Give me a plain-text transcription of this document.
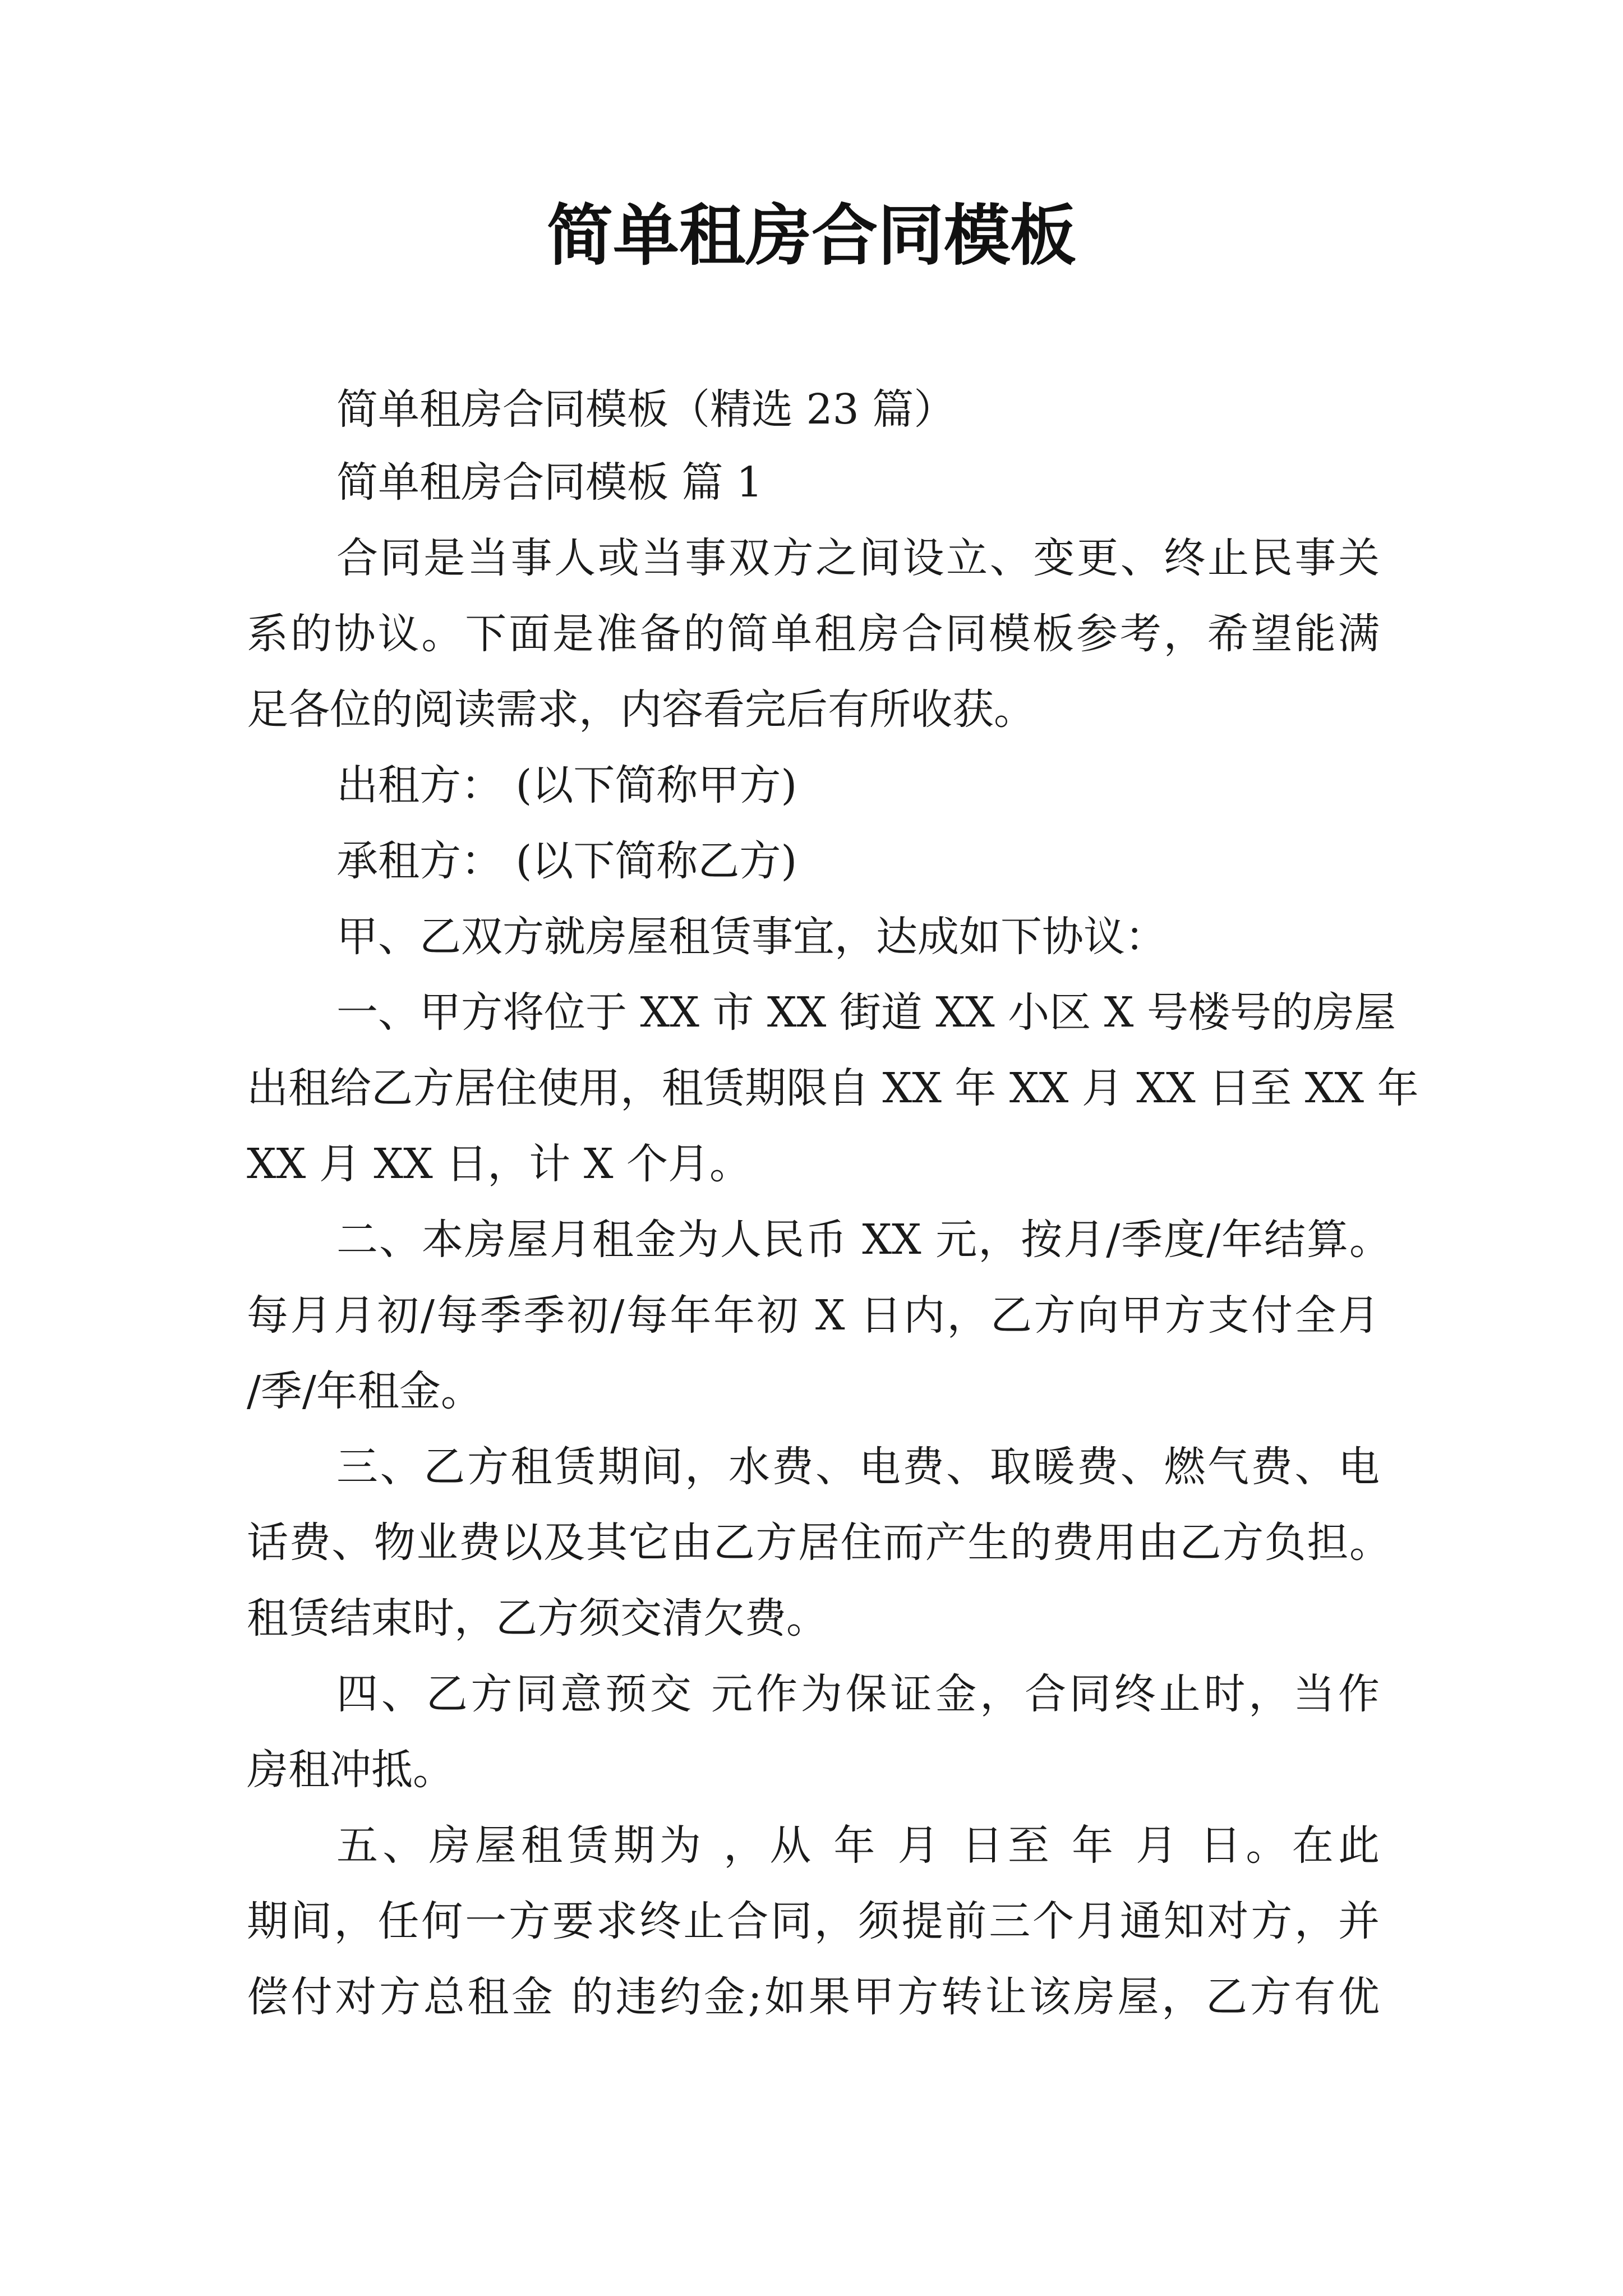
简单租房合同模板
简单租房合同模板（精选 23 篇）
简单租房合同模板 篇 1
合同是当事人或当事双方之间设立、变更、终止民事关
系的协议。下面是准备的简单租房合同模板参考，希望能满
足各位的阅读需求，内容看完后有所收获。
出租方： (以下简称甲方)
承租方： (以下简称乙方)
甲、乙双方就房屋租赁事宜，达成如下协议：
一、甲方将位于 XX 市 XX 街道 XX 小区 X 号楼号的房屋
出租给乙方居住使用，租赁期限自 XX 年 XX 月 XX 日至 XX 年
XX 月 XX 日，计 X 个月。
二、本房屋月租金为人民币 XX 元，按月/季度/年结算。
每月月初/每季季初/每年年初 X 日内，乙方向甲方支付全月
/季/年租金。
三、乙方租赁期间，水费、电费、取暖费、燃气费、电
话费、物业费以及其它由乙方居住而产生的费用由乙方负担。
租赁结束时，乙方须交清欠费。
四、乙方同意预交 元作为保证金，合同终止时，当作
房租冲抵。
五、房屋租赁期为 ，从 年 月 日至 年 月 日。在此
期间，任何一方要求终止合同，须提前三个月通知对方，并
偿付对方总租金 的违约金;如果甲方转让该房屋，乙方有优
